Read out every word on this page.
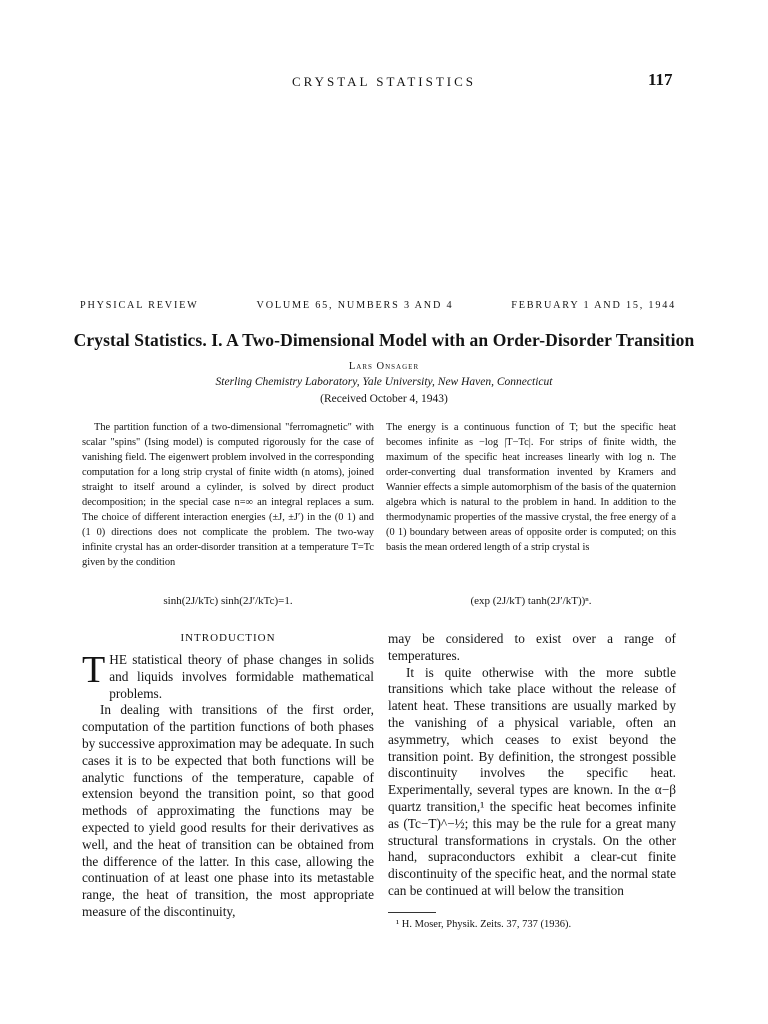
CRYSTAL STATISTICS	117
PHYSICAL REVIEW	VOLUME 65, NUMBERS 3 AND 4	FEBRUARY 1 AND 15, 1944
Crystal Statistics. I. A Two-Dimensional Model with an Order-Disorder Transition
Lars Onsager
Sterling Chemistry Laboratory, Yale University, New Haven, Connecticut
(Received October 4, 1943)
The partition function of a two-dimensional "ferromagnetic" with scalar "spins" (Ising model) is computed rigorously for the case of vanishing field. The eigenwert problem involved in the corresponding computation for a long strip crystal of finite width (n atoms), joined straight to itself around a cylinder, is solved by direct product decomposition; in the special case n=∞ an integral replaces a sum. The choice of different interaction energies (±J, ±J′) in the (0 1) and (1 0) directions does not complicate the problem. The two-way infinite crystal has an order-disorder transition at a temperature T=Tc given by the condition
The energy is a continuous function of T; but the specific heat becomes infinite as −log |T−Tc|. For strips of finite width, the maximum of the specific heat increases linearly with log n. The order-converting dual transformation invented by Kramers and Wannier effects a simple automorphism of the basis of the quaternion algebra which is natural to the problem in hand. In addition to the thermodynamic properties of the massive crystal, the free energy of a (0 1) boundary between areas of opposite order is computed; on this basis the mean ordered length of a strip crystal is
sinh(2J/kTc) sinh(2J′/kTc)=1.	(exp (2J/kT) tanh(2J′/kT))ⁿ.
INTRODUCTION

THE statistical theory of phase changes in solids and liquids involves formidable mathematical problems.

In dealing with transitions of the first order, computation of the partition functions of both phases by successive approximation may be adequate. In such cases it is to be expected that both functions will be analytic functions of the temperature, capable of extension beyond the transition point, so that good methods of approximating the functions may be expected to yield good results for their derivatives as well, and the heat of transition can be obtained from the difference of the latter. In this case, allowing the continuation of at least one phase into its metastable range, the heat of transition, the most appropriate measure of the discontinuity,

may be considered to exist over a range of temperatures.

It is quite otherwise with the more subtle transitions which take place without the release of latent heat. These transitions are usually marked by the vanishing of a physical variable, often an asymmetry, which ceases to exist beyond the transition point. By definition, the strongest possible discontinuity involves the specific heat. Experimentally, several types are known. In the α−β quartz transition,¹ the specific heat becomes infinite as (Tc−T)^−½; this may be the rule for a great many structural transformations in crystals. On the other hand, supraconductors exhibit a clear-cut finite discontinuity of the specific heat, and the normal state can be continued at will below the transition

¹ H. Moser, Physik. Zeits. 37, 737 (1936).
